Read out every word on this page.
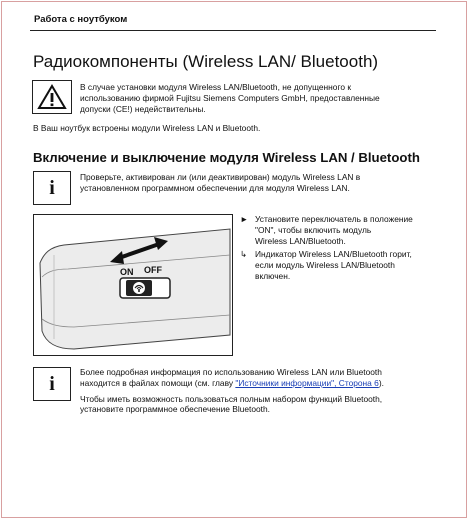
Работа с ноутбуком
Радиокомпоненты (Wireless LAN/ Bluetooth)

В случае установки модуля Wireless LAN/Bluetooth, не допущенного к

использованию фирмой Fujitsu Siemens Computers GmbH, предоставленные

допуски (CE!) недействительны.

В Ваш ноутбук встроены модули Wireless LAN и Bluetooth.
Включение и выключение модуля Wireless LAN / Bluetooth
i	Проверьте, активирован ли (или деактивирован) модуль Wireless LAN в

установленном программном обеспечении для модуля Wireless LAN.

ON OFF
► Установите переключатель в положение
"ON", чтобы включить модуль
Wireless LAN/Bluetooth.
↳ Индикатор Wireless LAN/Bluetooth горит,
если модуль Wireless LAN/Bluetooth
включен.
i

Более подробная информация по использованию Wireless LAN или Bluetooth

находится в файлах помощи (см. главу "Источники информации", Сторона 6).

Чтобы иметь возможность пользоваться полным набором функций Bluetooth,

установите программное обеспечение Bluetooth.
